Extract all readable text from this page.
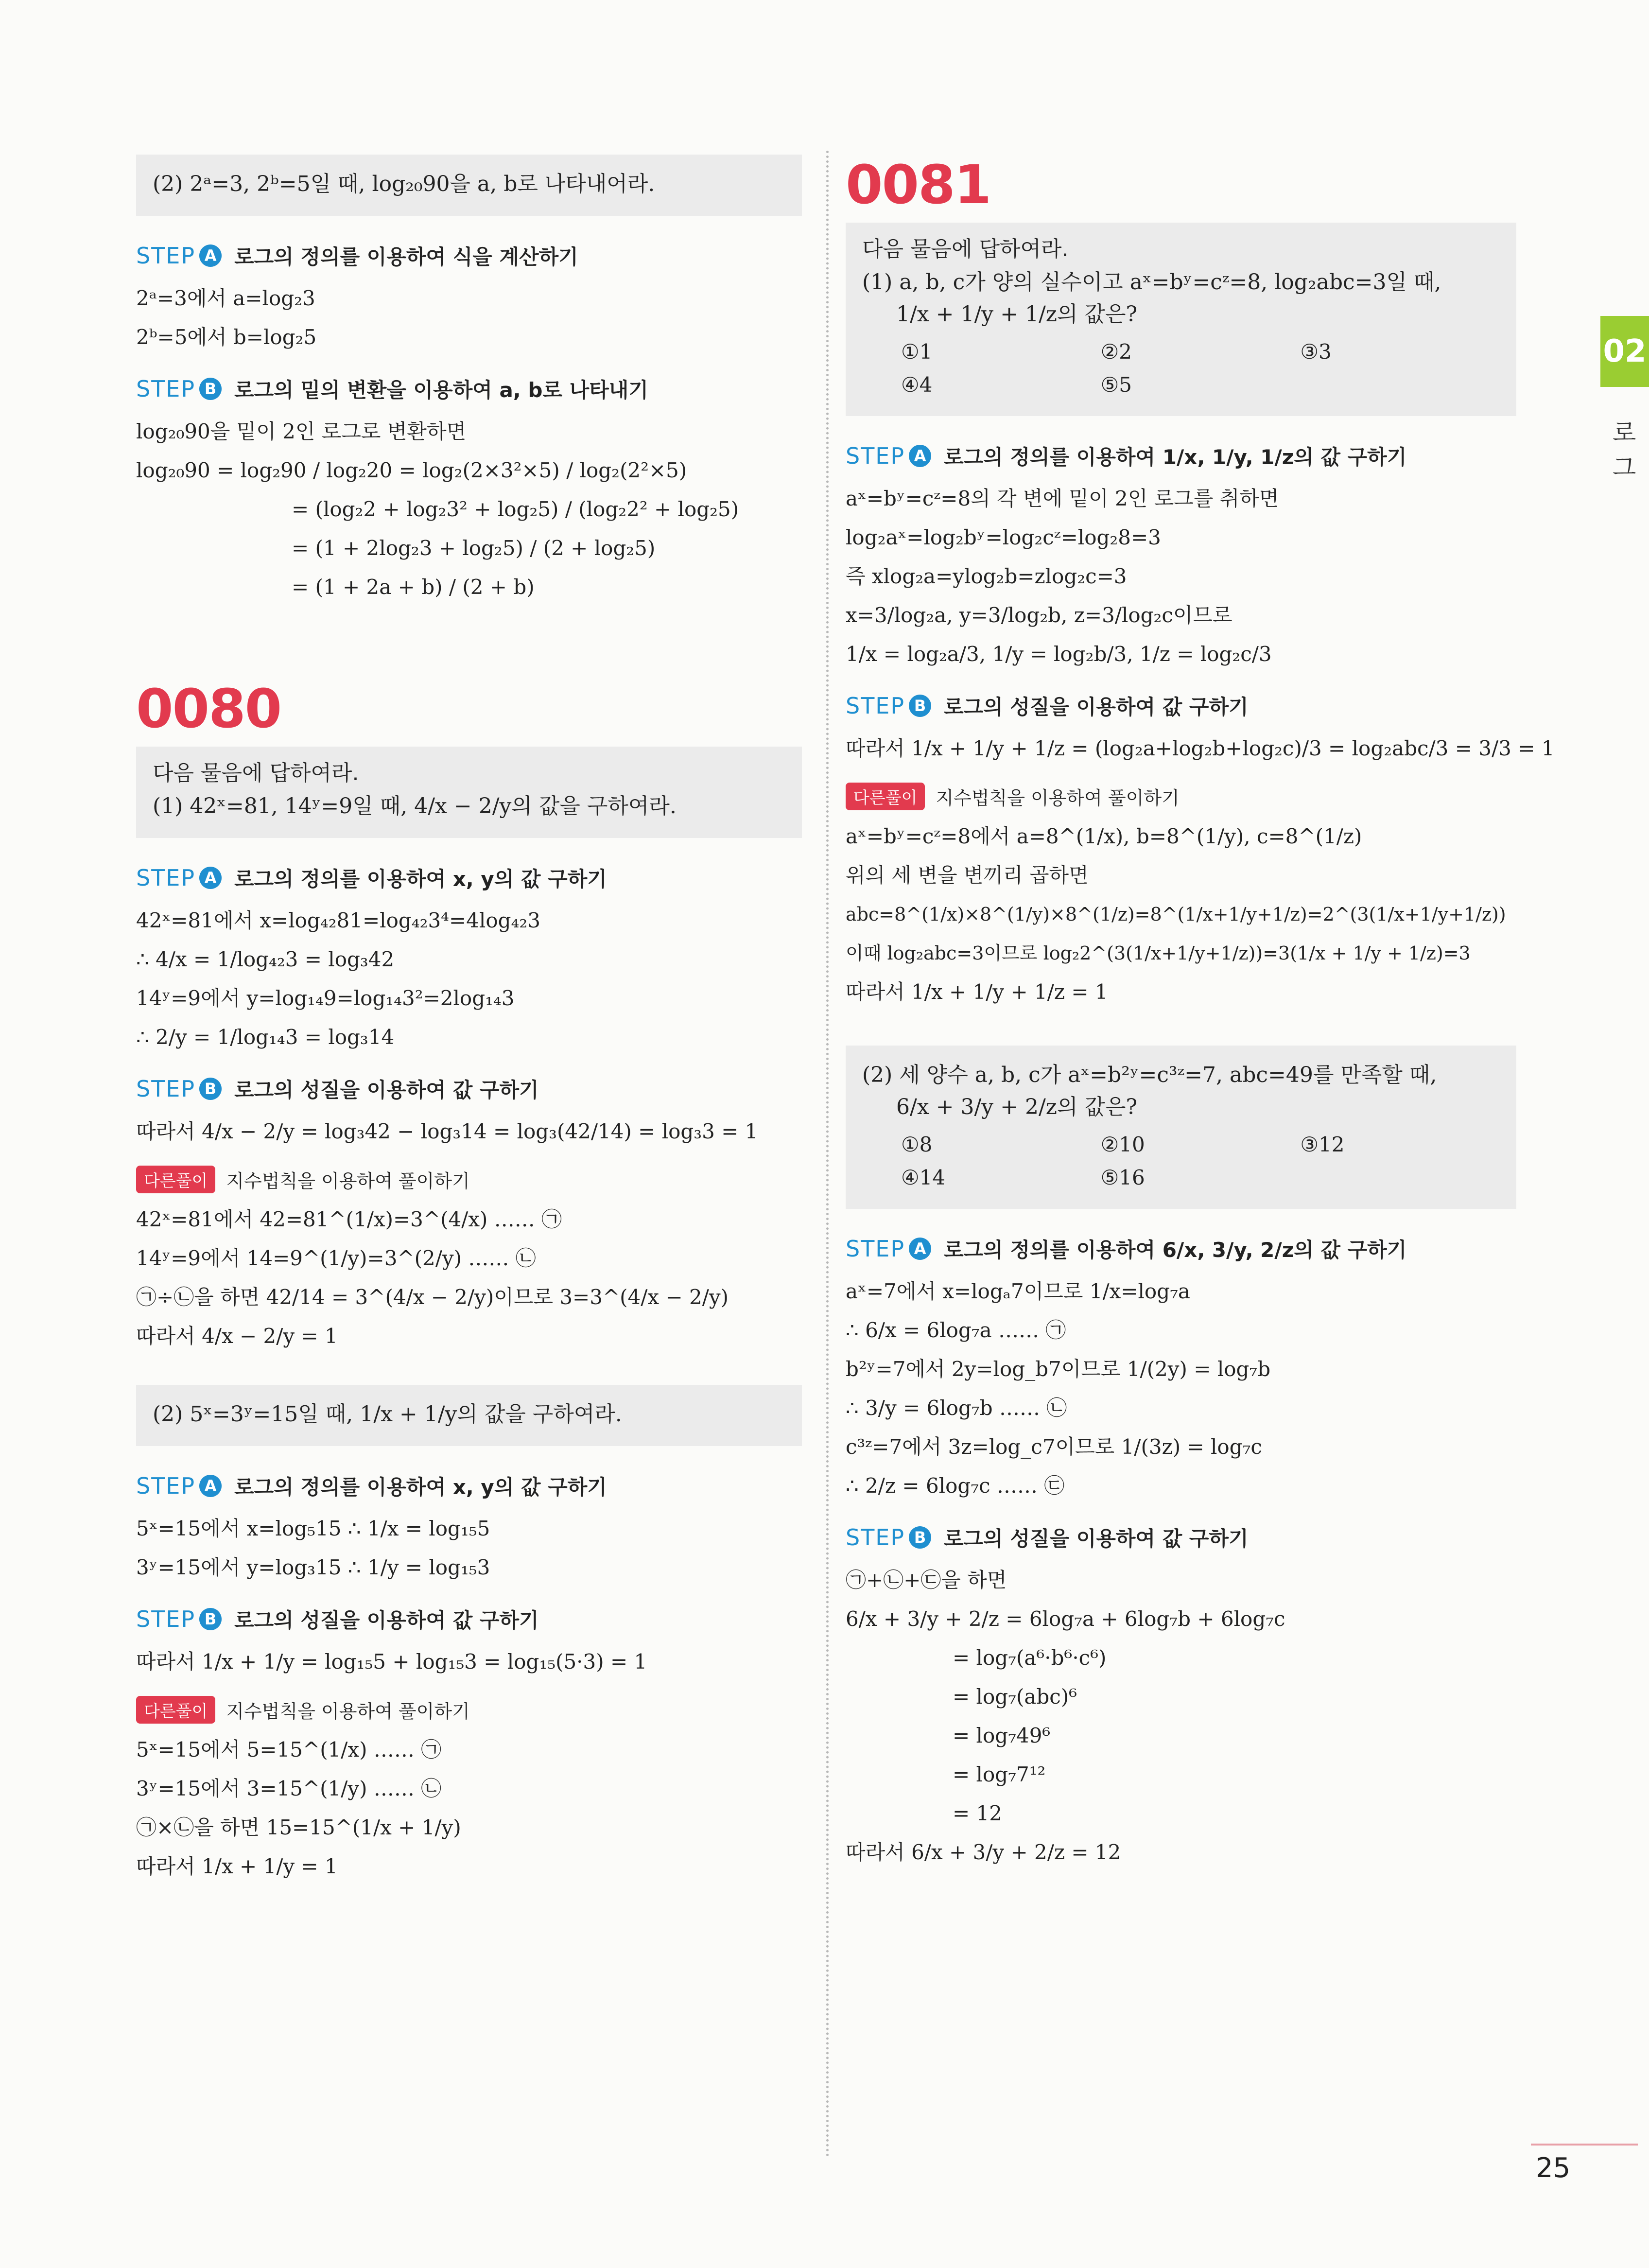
(2) 2ᵃ=3, 2ᵇ=5일 때, log₂₀90을 a, b로 나타내어라.
STEP A 로그의 정의를 이용하여 식을 계산하기
2ᵃ=3에서 a=log₂3
2ᵇ=5에서 b=log₂5
STEP B 로그의 밑의 변환을 이용하여 a, b로 나타내기
log₂₀90을 밑이 2인 로그로 변환하면
log₂₀90 = log₂90 / log₂20 = log₂(2×3²×5) / log₂(2²×5)
= (log₂2 + log₂3² + log₂5) / (log₂2² + log₂5)
= (1 + 2log₂3 + log₂5) / (2 + log₂5)
= (1 + 2a + b) / (2 + b)
0080
다음 물음에 답하여라.
(1) 42ˣ=81, 14ʸ=9일 때, 4/x − 2/y의 값을 구하여라.
STEP A 로그의 정의를 이용하여 x, y의 값 구하기
42ˣ=81에서 x=log₄₂81=log₄₂3⁴=4log₄₂3
∴ 4/x = 1/log₄₂3 = log₃42
14ʸ=9에서 y=log₁₄9=log₁₄3²=2log₁₄3
∴ 2/y = 1/log₁₄3 = log₃14
STEP B 로그의 성질을 이용하여 값 구하기
따라서 4/x − 2/y = log₃42 − log₃14 = log₃(42/14) = log₃3 = 1
다른풀이	지수법칙을 이용하여 풀이하기
42ˣ=81에서 42=81^(1/x)=3^(4/x) …… ㉠
14ʸ=9에서 14=9^(1/y)=3^(2/y) …… ㉡
㉠÷㉡을 하면 42/14 = 3^(4/x − 2/y)이므로 3=3^(4/x − 2/y)
따라서 4/x − 2/y = 1
(2) 5ˣ=3ʸ=15일 때, 1/x + 1/y의 값을 구하여라.
STEP A 로그의 정의를 이용하여 x, y의 값 구하기
5ˣ=15에서 x=log₅15 ∴ 1/x = log₁₅5
3ʸ=15에서 y=log₃15 ∴ 1/y = log₁₅3
STEP B 로그의 성질을 이용하여 값 구하기
따라서 1/x + 1/y = log₁₅5 + log₁₅3 = log₁₅(5·3) = 1
다른풀이	지수법칙을 이용하여 풀이하기
5ˣ=15에서 5=15^(1/x) …… ㉠
3ʸ=15에서 3=15^(1/y) …… ㉡
㉠×㉡을 하면 15=15^(1/x + 1/y)
따라서 1/x + 1/y = 1
0081
다음 물음에 답하여라.
(1) a, b, c가 양의 실수이고 aˣ=bʸ=cᶻ=8, log₂abc=3일 때,
1/x + 1/y + 1/z의 값은?
①1	②2	③3
④4	⑤5
STEP A 로그의 정의를 이용하여 1/x, 1/y, 1/z의 값 구하기
aˣ=bʸ=cᶻ=8의 각 변에 밑이 2인 로그를 취하면
log₂aˣ=log₂bʸ=log₂cᶻ=log₂8=3
즉 xlog₂a=ylog₂b=zlog₂c=3
x=3/log₂a, y=3/log₂b, z=3/log₂c이므로
1/x = log₂a/3, 1/y = log₂b/3, 1/z = log₂c/3
STEP B 로그의 성질을 이용하여 값 구하기
따라서 1/x + 1/y + 1/z = (log₂a+log₂b+log₂c)/3 = log₂abc/3 = 3/3 = 1
다른풀이	지수법칙을 이용하여 풀이하기
aˣ=bʸ=cᶻ=8에서 a=8^(1/x), b=8^(1/y), c=8^(1/z)
위의 세 변을 변끼리 곱하면
abc=8^(1/x)×8^(1/y)×8^(1/z)=8^(1/x+1/y+1/z)=2^(3(1/x+1/y+1/z))
이때 log₂abc=3이므로 log₂2^(3(1/x+1/y+1/z))=3(1/x + 1/y + 1/z)=3
따라서 1/x + 1/y + 1/z = 1
(2) 세 양수 a, b, c가 aˣ=b²ʸ=c³ᶻ=7, abc=49를 만족할 때,
6/x + 3/y + 2/z의 값은?
①8	②10	③12
④14	⑤16
STEP A 로그의 정의를 이용하여 6/x, 3/y, 2/z의 값 구하기
aˣ=7에서 x=logₐ7이므로 1/x=log₇a
∴ 6/x = 6log₇a …… ㉠
b²ʸ=7에서 2y=log_b7이므로 1/(2y) = log₇b
∴ 3/y = 6log₇b …… ㉡
c³ᶻ=7에서 3z=log_c7이므로 1/(3z) = log₇c
∴ 2/z = 6log₇c …… ㉢
STEP B 로그의 성질을 이용하여 값 구하기
㉠+㉡+㉢을 하면
6/x + 3/y + 2/z = 6log₇a + 6log₇b + 6log₇c
= log₇(a⁶·b⁶·c⁶)
= log₇(abc)⁶
= log₇49⁶
= log₇7¹²
= 12
따라서 6/x + 3/y + 2/z = 12
02
로그
25
